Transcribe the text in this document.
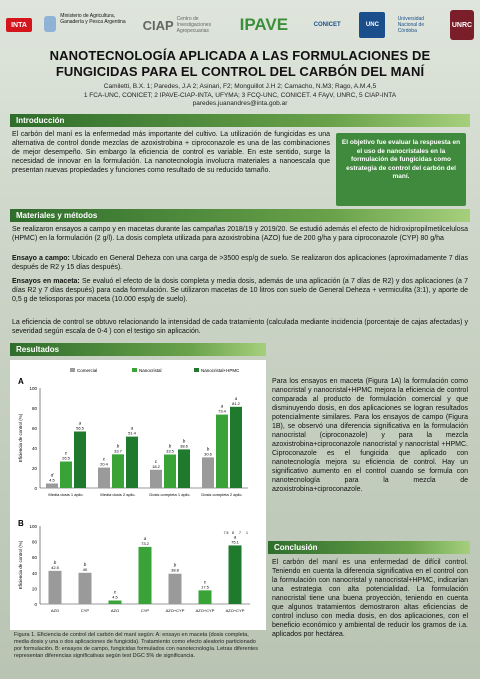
INTA
Ministerio de Agricultura, Ganadería y Pesca Argentina	CIAP Centro de Investigaciones Agropecuarias	IPAVE	CONICET	UNC
Universidad Nacional de Córdoba
UNRC
NANOTECNOLOGÍA APLICADA A LAS FORMULACIONES DE
FUNGICIDAS PARA EL CONTROL DEL CARBÓN DEL MANÍ
Camiletti, B.X. 1; Paredes, J.A 2; Asinari, F2; Monguillot J.H 2; Camacho, N.M3; Rago, A.M.4,5
1 FCA-UNC, CONICET; 2 IPAVE-CIAP-INTA, UFYMA; 3 FCQ-UNC, CONICET. 4 FAyV, UNRC, 5 CIAP-INTA
paredes.juanandres@inta.gob.ar
Introducción
El carbón del maní es la enfermedad más importante del cultivo. La utilización de fungicidas es una alternativa de control donde mezclas de azoxistrobina + ciproconazole es una de las combinaciones de mejor desempeño. Sin embargo la eficiencia de control es variable. En este sentido, surge la necesidad de innovar en la formulación. La nanotecnología involucra materiales a nanoescala que presentan nuevas propiedades y funciones como resultado de su reducido tamaño.
El objetivo fue evaluar la respuesta en el uso de nanocristales en la formulación de fungicidas como estrategia de control del carbón del maní.
Materiales y métodos
Se realizaron ensayos a campo y en macetas durante las campañas 2018/19 y 2019/20. Se estudió además el efecto de hidroxipropilmetilcelulosa (HPMC) en la formulación (2 g/l). La dosis completa utilizada para azoxistrobina (AZO) fue de 200 g/ha y para ciproconazole (CYP) 80 g/ha
Ensayo a campo: Ubicado en General Deheza con una carga de >3500 esp/g de suelo. Se realizaron dos aplicaciones (aproximadamente 7 días después de R2 y 15 días después).
Ensayos en maceta: Se evaluó el efecto de la dosis completa y media dosis, además de una aplicación (a 7 días de R2) y dos aplicaciones (a 7 días R2 y 7 días después) para cada formulación. Se utilizaron macetas de 10 litros con suelo de General Deheza + vermiculita (3:1), y aporte de 0,5 g de teliosporas por maceta (10.000 esp/g de suelo).
La eficiencia de control se obtuvo relacionando la intensidad de cada tratamiento (calculada mediante incidencia (porcentaje de cajas afectadas) y severidad según escala de 0-4 ) con el testigo sin aplicación.
Resultados
A
0
20
40
60
80
100
Eficiencia de control (%)
Comercial	Nanocristal	Nanocristal+HPMC
4.5
d
26.5
c
56.5
a
Media dosis 1 aplic.
20.4
c
33.7
b
51.4
a
Media dosis 2 aplic.
18.2
c
33.5
b 38.6
b
Dosis completa 1 aplic.
30.6
b
73.4
a
81.2
a
Dosis completa 2 aplic.
B
0
20
40
60
80
100
Eficiencia de control (%)	42.5
b
AZO
40
b
CYP
4.5
c
AZO
73.2
a
CYP
38.8
b
AZO+CYP
17.5
c
AZO+CYP
75.1
a
AZO+CYP
7.5 8 7 1
Figura 1. Eficiencia de control del carbón del maní según: A: ensayo en maceta (dosis completa, media dosis y una o dos aplicaciones de fungicida). Tratamiento como efecto aleatorio particionado por formulación. B: ensayos de campo, fungicidas formulados con nanotecnología. Letras diferentes representan diferencias significativas según test DGC 5% de significancia.
Para los ensayos en maceta (Figura 1A) la formulación como nanocristal y nanocristal+HPMC mejora la eficiencia de control comparada al producto de formulación comercial y que disminuyendo dosis, en dos aplicaciones se logran resultados potencialmente similares. Para los ensayos de campo (Figura 1B), se observó una diferencia significativa en la formulación nanocristal (ciproconazole) y para la mezcla azoxistrobina+ciproconazole nanocristal y nanocristal +HPMC. Ciproconazole es el fungicida que aplicado con nanotecnología mejora su eficiencia de control. Hay un significativo aumento en el control cuando se formula con nanotecnología para la mezcla de azoxistrobina+ciproconazole.
Conclusión
El carbón del maní es una enfermedad de difícil control. Teniendo en cuenta la diferencia significativa en el control con la formulación con nanocristal y nanocristal+HPMC, indicarían una estrategia con alta potencialidad. La formulación nanocristal tiene una buena proyección, teniendo en cuenta que algunos tratamientos demostraron altas eficiencias de control incluso con media dosis, en dos aplicaciones, con el beneficio económico y ambiental de reducir los gramos de i.a. aplicados por hectárea.
